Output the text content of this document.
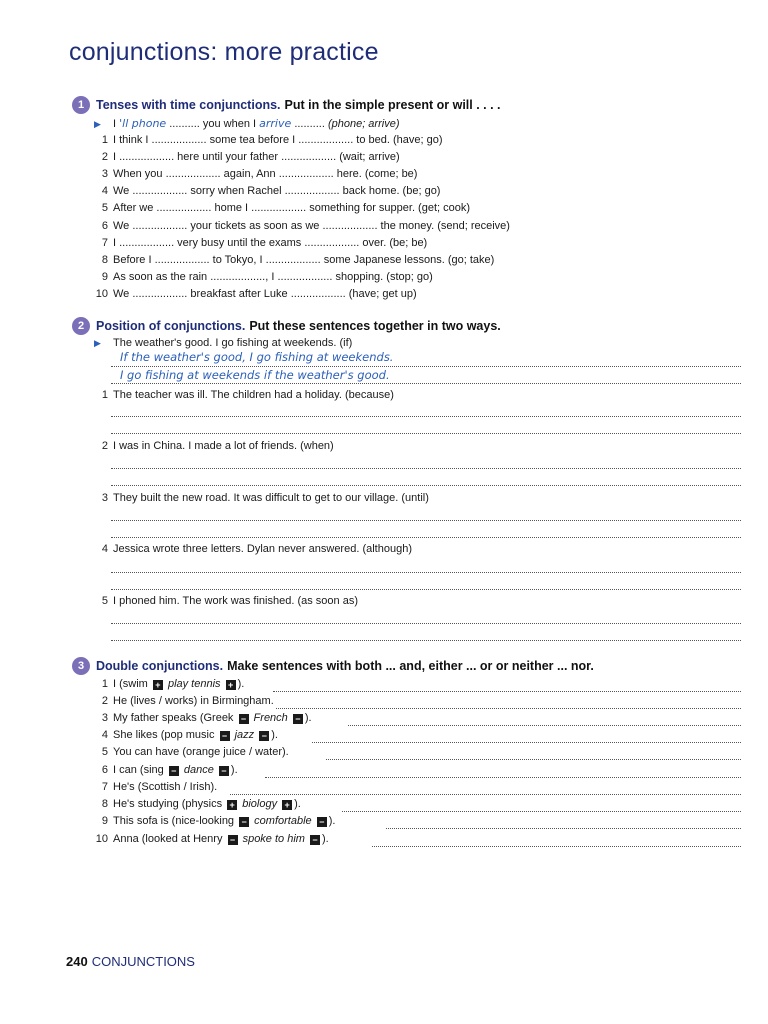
conjunctions: more practice
1 Tenses with time conjunctions. Put in the simple present or will . . . .
▶ I 'll phone .......... you when I arrive .......... (phone; arrive)
1 I think I .................. some tea before I .................. to bed. (have; go)
2 I .................. here until your father .................. (wait; arrive)
3 When you .................. again, Ann .................. here. (come; be)
4 We .................. sorry when Rachel .................. back home. (be; go)
5 After we .................. home I .................. something for supper. (get; cook)
6 We .................. your tickets as soon as we .................. the money. (send; receive)
7 I .................. very busy until the exams .................. over. (be; be)
8 Before I .................. to Tokyo, I .................. some Japanese lessons. (go; take)
9 As soon as the rain .................., I .................. shopping. (stop; go)
10 We .................. breakfast after Luke .................. (have; get up)
2 Position of conjunctions. Put these sentences together in two ways.
▶ The weather's good. I go fishing at weekends. (if)
If the weather's good, I go fishing at weekends.
I go fishing at weekends if the weather's good.
1 The teacher was ill. The children had a holiday. (because)
2 I was in China. I made a lot of friends. (when)
3 They built the new road. It was difficult to get to our village. (until)
4 Jessica wrote three letters. Dylan never answered. (although)
5 I phoned him. The work was finished. (as soon as)
3 Double conjunctions. Make sentences with both ... and, either ... or or neither ... nor.
1 I (swim + play tennis + ).
2 He (lives / works) in Birmingham.
3 My father speaks (Greek − French − ).
4 She likes (pop music − jazz − ).
5 You can have (orange juice / water).
6 I can (sing − dance − ).
7 He's (Scottish / Irish).
8 He's studying (physics + biology + ).
9 This sofa is (nice-looking − comfortable − ).
10 Anna (looked at Henry − spoke to him − ).
240 CONJUNCTIONS
